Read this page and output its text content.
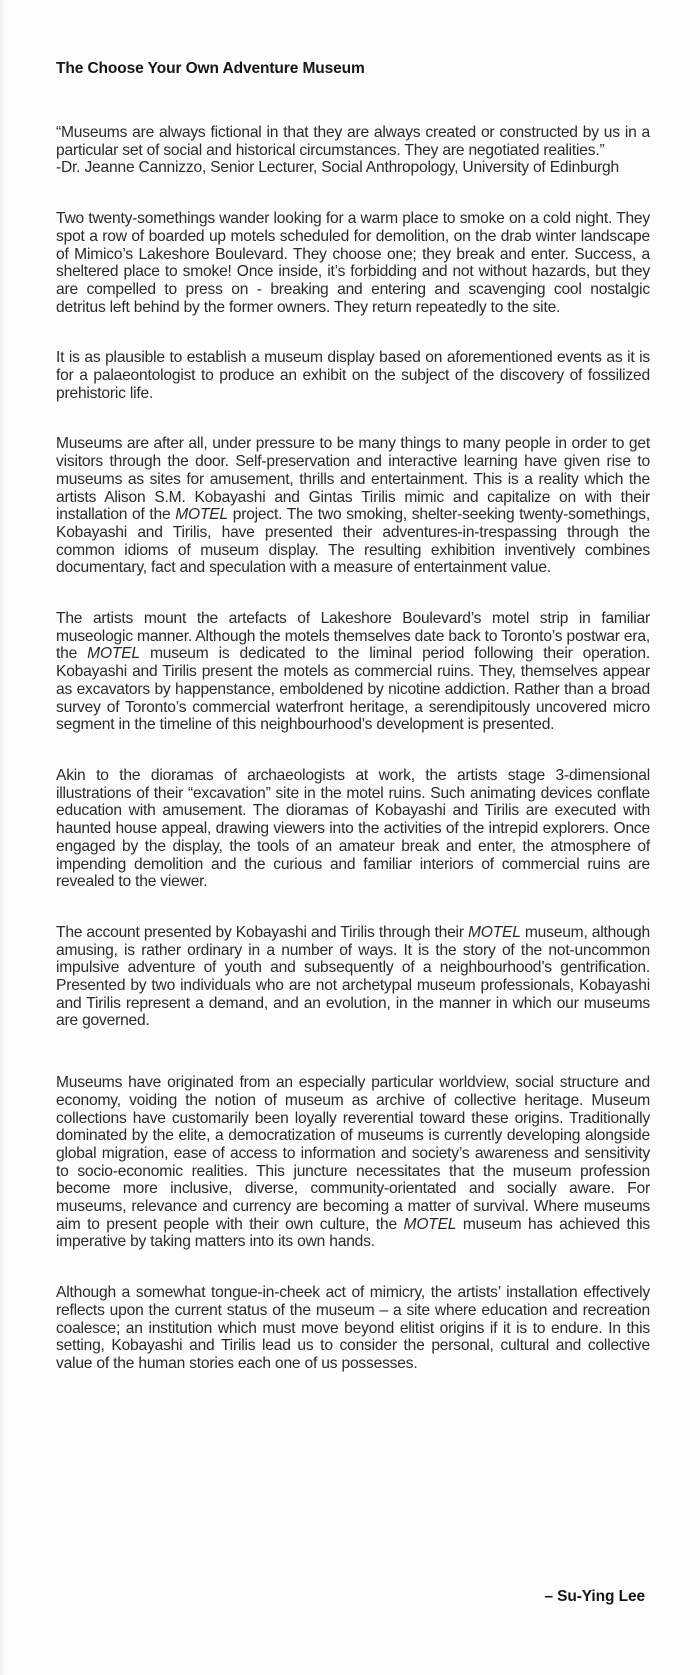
The Choose Your Own Adventure Museum
“Museums are always fictional in that they are always created or constructed by us in a particular set of social and historical circumstances. They are negotiated realities.”
-Dr. Jeanne Cannizzo, Senior Lecturer, Social Anthropology, University of Edinburgh

Two twenty-somethings wander looking for a warm place to smoke on a cold night. They spot a row of boarded up motels scheduled for demolition, on the drab winter landscape of Mimico’s Lakeshore Boulevard. They choose one; they break and enter. Success, a sheltered place to smoke! Once inside, it’s forbidding and not without hazards, but they are compelled to press on - breaking and entering and scavenging cool nostalgic detritus left behind by the former owners. They return repeatedly to the site.

It is as plausible to establish a museum display based on aforementioned events as it is for a palaeontologist to produce an exhibit on the subject of the discovery of fossilized prehistoric life.

Museums are after all, under pressure to be many things to many people in order to get visitors through the door. Self-preservation and interactive learning have given rise to museums as sites for amusement, thrills and entertainment. This is a reality which the artists Alison S.M. Kobayashi and Gintas Tirilis mimic and capitalize on with their installation of the MOTEL project. The two smoking, shelter-seeking twenty-somethings, Kobayashi and Tirilis, have presented their adventures-in-trespassing through the common idioms of museum display. The resulting exhibition inventively combines documentary, fact and speculation with a measure of entertainment value.

The artists mount the artefacts of Lakeshore Boulevard’s motel strip in familiar museologic manner. Although the motels themselves date back to Toronto’s postwar era, the MOTEL museum is dedicated to the liminal period following their operation. Kobayashi and Tirilis present the motels as commercial ruins. They, themselves appear as excavators by happenstance, emboldened by nicotine addiction. Rather than a broad survey of Toronto’s commercial waterfront heritage, a serendipitously uncovered micro segment in the timeline of this neighbourhood’s development is presented.

Akin to the dioramas of archaeologists at work, the artists stage 3-dimensional illustrations of their “excavation” site in the motel ruins. Such animating devices conflate education with amusement. The dioramas of Kobayashi and Tirilis are executed with haunted house appeal, drawing viewers into the activities of the intrepid explorers. Once engaged by the display, the tools of an amateur break and enter, the atmosphere of impending demolition and the curious and familiar interiors of commercial ruins are revealed to the viewer.

The account presented by Kobayashi and Tirilis through their MOTEL museum, although amusing, is rather ordinary in a number of ways. It is the story of the not-uncommon impulsive adventure of youth and subsequently of a neighbourhood’s gentrification. Presented by two individuals who are not archetypal museum professionals, Kobayashi and Tirilis represent a demand, and an evolution, in the manner in which our museums are governed.

Museums have originated from an especially particular worldview, social structure and economy, voiding the notion of museum as archive of collective heritage. Museum collections have customarily been loyally reverential toward these origins. Traditionally dominated by the elite, a democratization of museums is currently developing alongside global migration, ease of access to information and society’s awareness and sensitivity to socio-economic realities. This juncture necessitates that the museum profession become more inclusive, diverse, community-orientated and socially aware. For museums, relevance and currency are becoming a matter of survival. Where museums aim to present people with their own culture, the MOTEL museum has achieved this imperative by taking matters into its own hands.

Although a somewhat tongue-in-cheek act of mimicry, the artists’ installation effectively reflects upon the current status of the museum – a site where education and recreation coalesce; an institution which must move beyond elitist origins if it is to endure. In this setting, Kobayashi and Tirilis lead us to consider the personal, cultural and collective value of the human stories each one of us possesses.

– Su-Ying Lee
